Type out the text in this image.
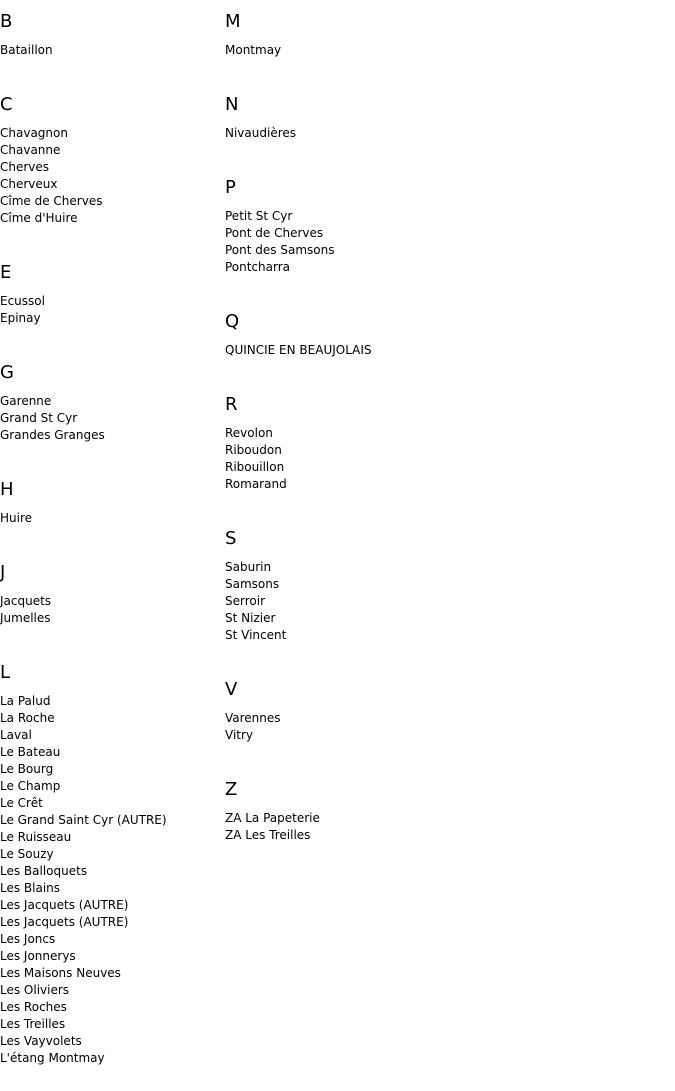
B
Bataillon
C
Chavagnon
Chavanne
Cherves
Cherveux
Cîme de Cherves
Cîme d'Huire
E
Ecussol
Epinay
G
Garenne
Grand St Cyr
Grandes Granges
H
Huire
J
Jacquets
Jumelles
L
La Palud
La Roche
Laval
Le Bateau
Le Bourg
Le Champ
Le Crêt
Le Grand Saint Cyr (AUTRE)
Le Ruisseau
Le Souzy
Les Balloquets
Les Blains
Les Jacquets (AUTRE)
Les Jacquets (AUTRE)
Les Joncs
Les Jonnerys
Les Maisons Neuves
Les Oliviers
Les Roches
Les Treilles
Les Vayvolets
L'étang Montmay
M
Montmay
N
Nivaudières
P
Petit St Cyr
Pont de Cherves
Pont des Samsons
Pontcharra
Q
QUINCIE EN BEAUJOLAIS
R
Revolon
Riboudon
Ribouillon
Romarand
S
Saburin
Samsons
Serroir
St Nizier
St Vincent
V
Varennes
Vitry
Z
ZA La Papeterie
ZA Les Treilles
